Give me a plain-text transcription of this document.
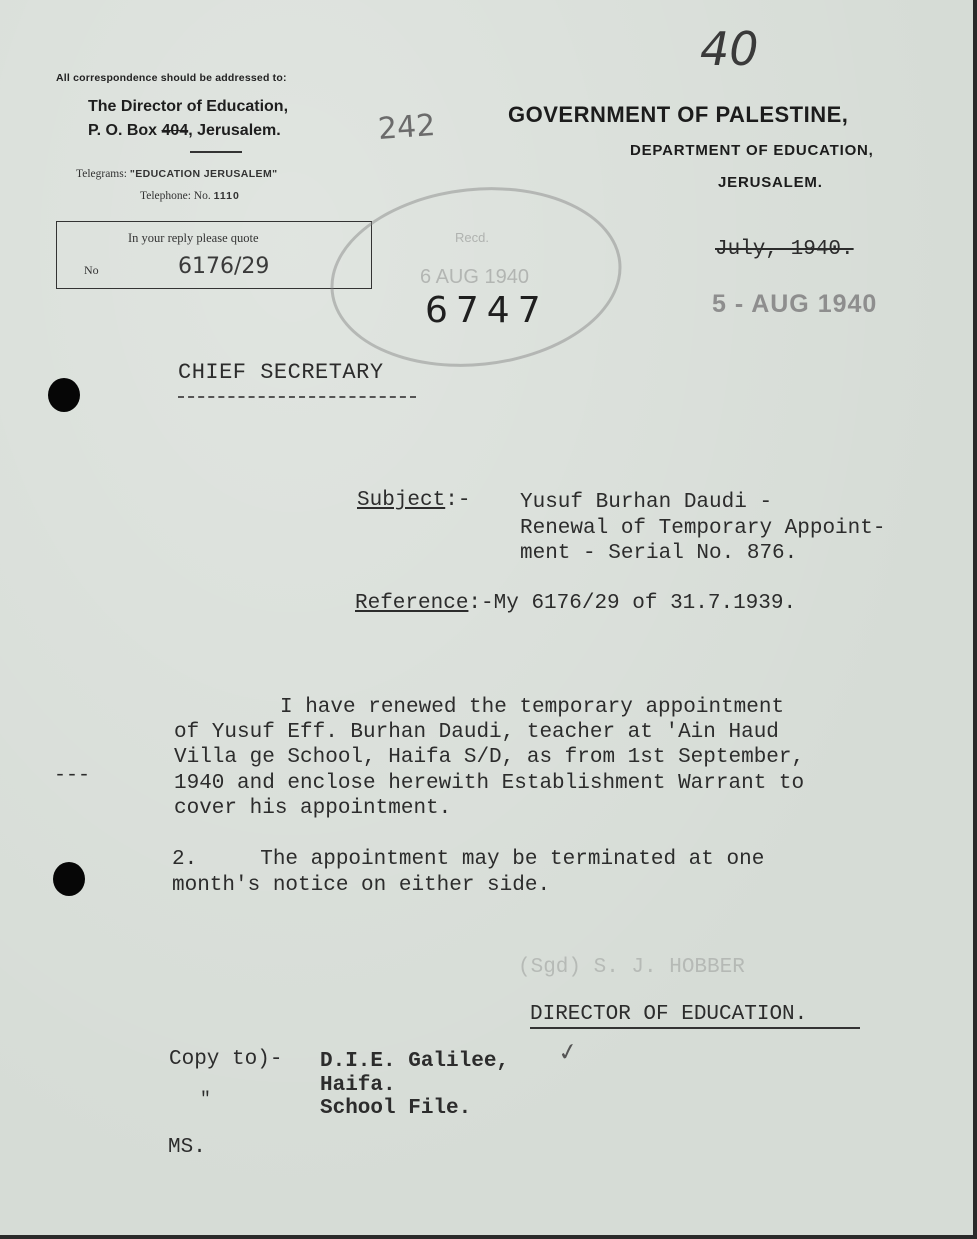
40
242
All correspondence should be addressed to:
The Director of Education,
P. O. Box 404, Jerusalem.
Telegrams: "EDUCATION JERUSALEM"
Telephone: No. 1110
In your reply please quote
No	6176/29
Recd.
6 AUG 1940
GOVERNMENT OF PALESTINE,
DEPARTMENT OF EDUCATION,
JERUSALEM.
July, 1940.
5 - AUG 1940
6747
CHIEF SECRETARY
Subject:- Yusuf Burhan Daudi -
Renewal of Temporary Appoint-
ment - Serial No. 876.
Reference:-My 6176/29 of 31.7.1939.
I have renewed the temporary appointment
of Yusuf Eff. Burhan Daudi, teacher at 'Ain Haud
Villa ge School, Haifa S/D, as from 1st September,
1940 and enclose herewith Establishment Warrant to
cover his appointment.
---
2.     The appointment may be terminated at one
month's notice on either side.
(Sgd) S. J. HOBBER
DIRECTOR OF EDUCATION.
Copy to)- D.I.E. Galilee,
Haifa.
"	School File.
✓
MS.
